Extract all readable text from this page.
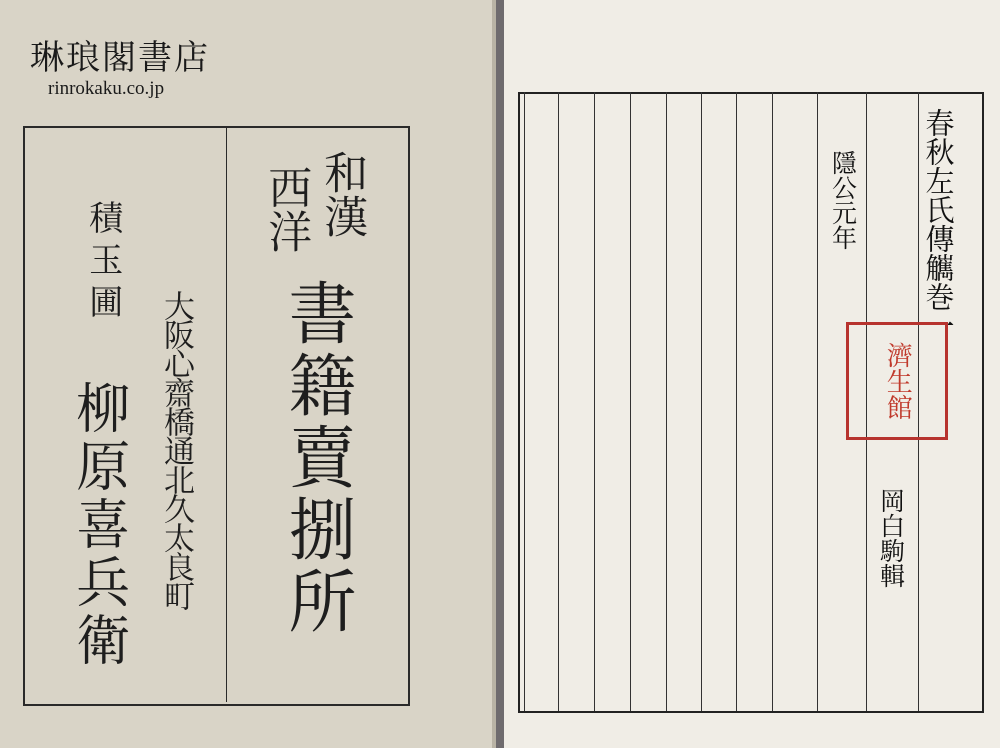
琳琅閣書店
rinrokaku.co.jp
和漢
西洋
書籍賣捌所
大阪心齋橋通北久太良町
積玉圃
柳原喜兵衛
春秋左氏傳觽巻一
隱公元年
岡白駒輯
濟生館
